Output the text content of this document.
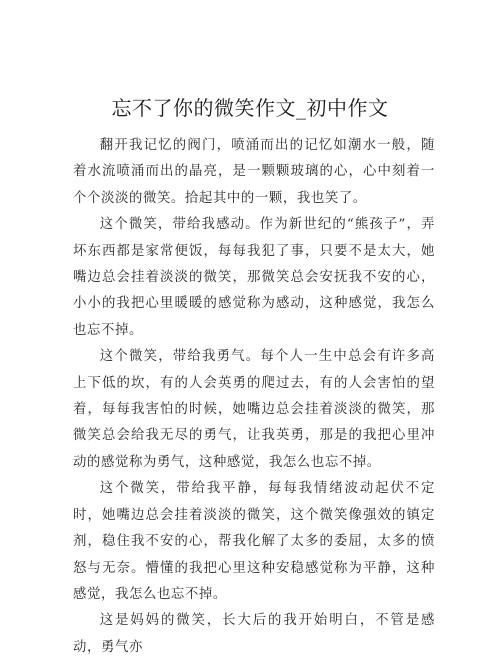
忘不了你的微笑作文_初中作文

翻开我记忆的阀门，喷涌而出的记忆如潮水一般，随着水流喷涌而出的晶亮，是一颗颗玻璃的心，心中刻着一个个淡淡的微笑。拾起其中的一颗，我也笑了。

这个微笑，带给我感动。作为新世纪的“熊孩子”，弄坏东西都是家常便饭，每每我犯了事，只要不是太大，她嘴边总会挂着淡淡的微笑，那微笑总会安抚我不安的心，小小的我把心里暖暖的感觉称为感动，这种感觉，我怎么也忘不掉。

这个微笑，带给我勇气。每个人一生中总会有许多高上下低的坎，有的人会英勇的爬过去，有的人会害怕的望着，每每我害怕的时候，她嘴边总会挂着淡淡的微笑，那微笑总会给我无尽的勇气，让我英勇，那是的我把心里冲动的感觉称为勇气，这种感觉，我怎么也忘不掉。

这个微笑，带给我平静，每每我情绪波动起伏不定时，她嘴边总会挂着淡淡的微笑，这个微笑像强效的镇定剂，稳住我不安的心，帮我化解了太多的委屈，太多的愤怒与无奈。懵懂的我把心里这种安稳感觉称为平静，这种感觉，我怎么也忘不掉。

这是妈妈的微笑，长大后的我开始明白，不管是感动，勇气亦
